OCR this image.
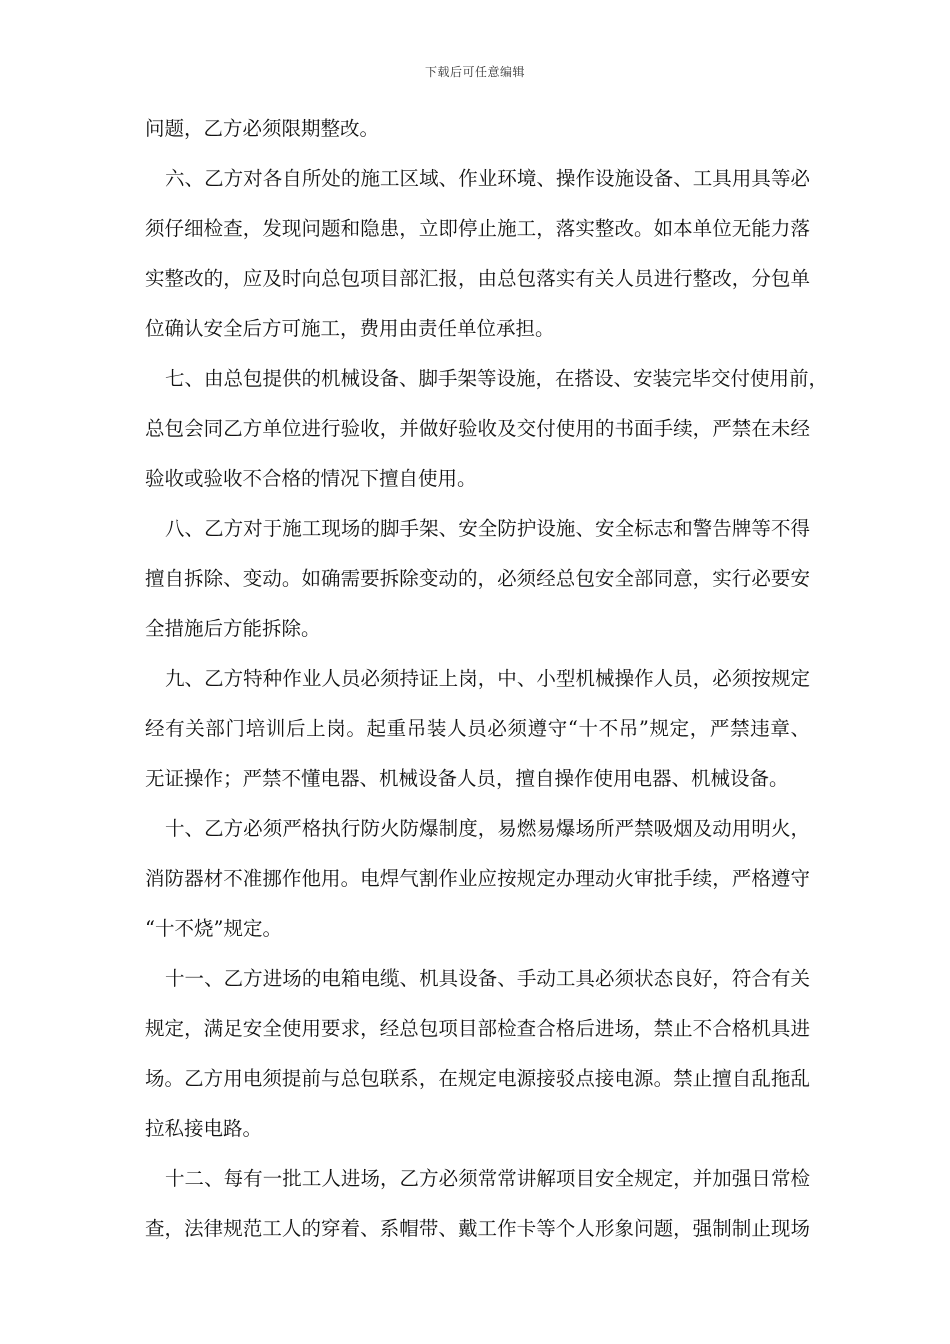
下载后可任意编辑
问题，乙方必须限期整改。
六、乙方对各自所处的施工区域、作业环境、操作设施设备、工具用具等必
须仔细检查，发现问题和隐患，立即停止施工，落实整改。如本单位无能力落
实整改的，应及时向总包项目部汇报，由总包落实有关人员进行整改，分包单
位确认安全后方可施工，费用由责任单位承担。
七、由总包提供的机械设备、脚手架等设施，在搭设、安装完毕交付使用前，
总包会同乙方单位进行验收，并做好验收及交付使用的书面手续，严禁在未经
验收或验收不合格的情况下擅自使用。
八、乙方对于施工现场的脚手架、安全防护设施、安全标志和警告牌等不得
擅自拆除、变动。如确需要拆除变动的，必须经总包安全部同意，实行必要安
全措施后方能拆除。
九、乙方特种作业人员必须持证上岗，中、小型机械操作人员，必须按规定
经有关部门培训后上岗。起重吊装人员必须遵守“十不吊”规定，严禁违章、
无证操作；严禁不懂电器、机械设备人员，擅自操作使用电器、机械设备。
十、乙方必须严格执行防火防爆制度，易燃易爆场所严禁吸烟及动用明火，
消防器材不准挪作他用。电焊气割作业应按规定办理动火审批手续，严格遵守
“十不烧”规定。
十一、乙方进场的电箱电缆、机具设备、手动工具必须状态良好，符合有关
规定，满足安全使用要求，经总包项目部检查合格后进场，禁止不合格机具进
场。乙方用电须提前与总包联系，在规定电源接驳点接电源。禁止擅自乱拖乱
拉私接电路。
十二、每有一批工人进场，乙方必须常常讲解项目安全规定，并加强日常检
查，法律规范工人的穿着、系帽带、戴工作卡等个人形象问题，强制制止现场
